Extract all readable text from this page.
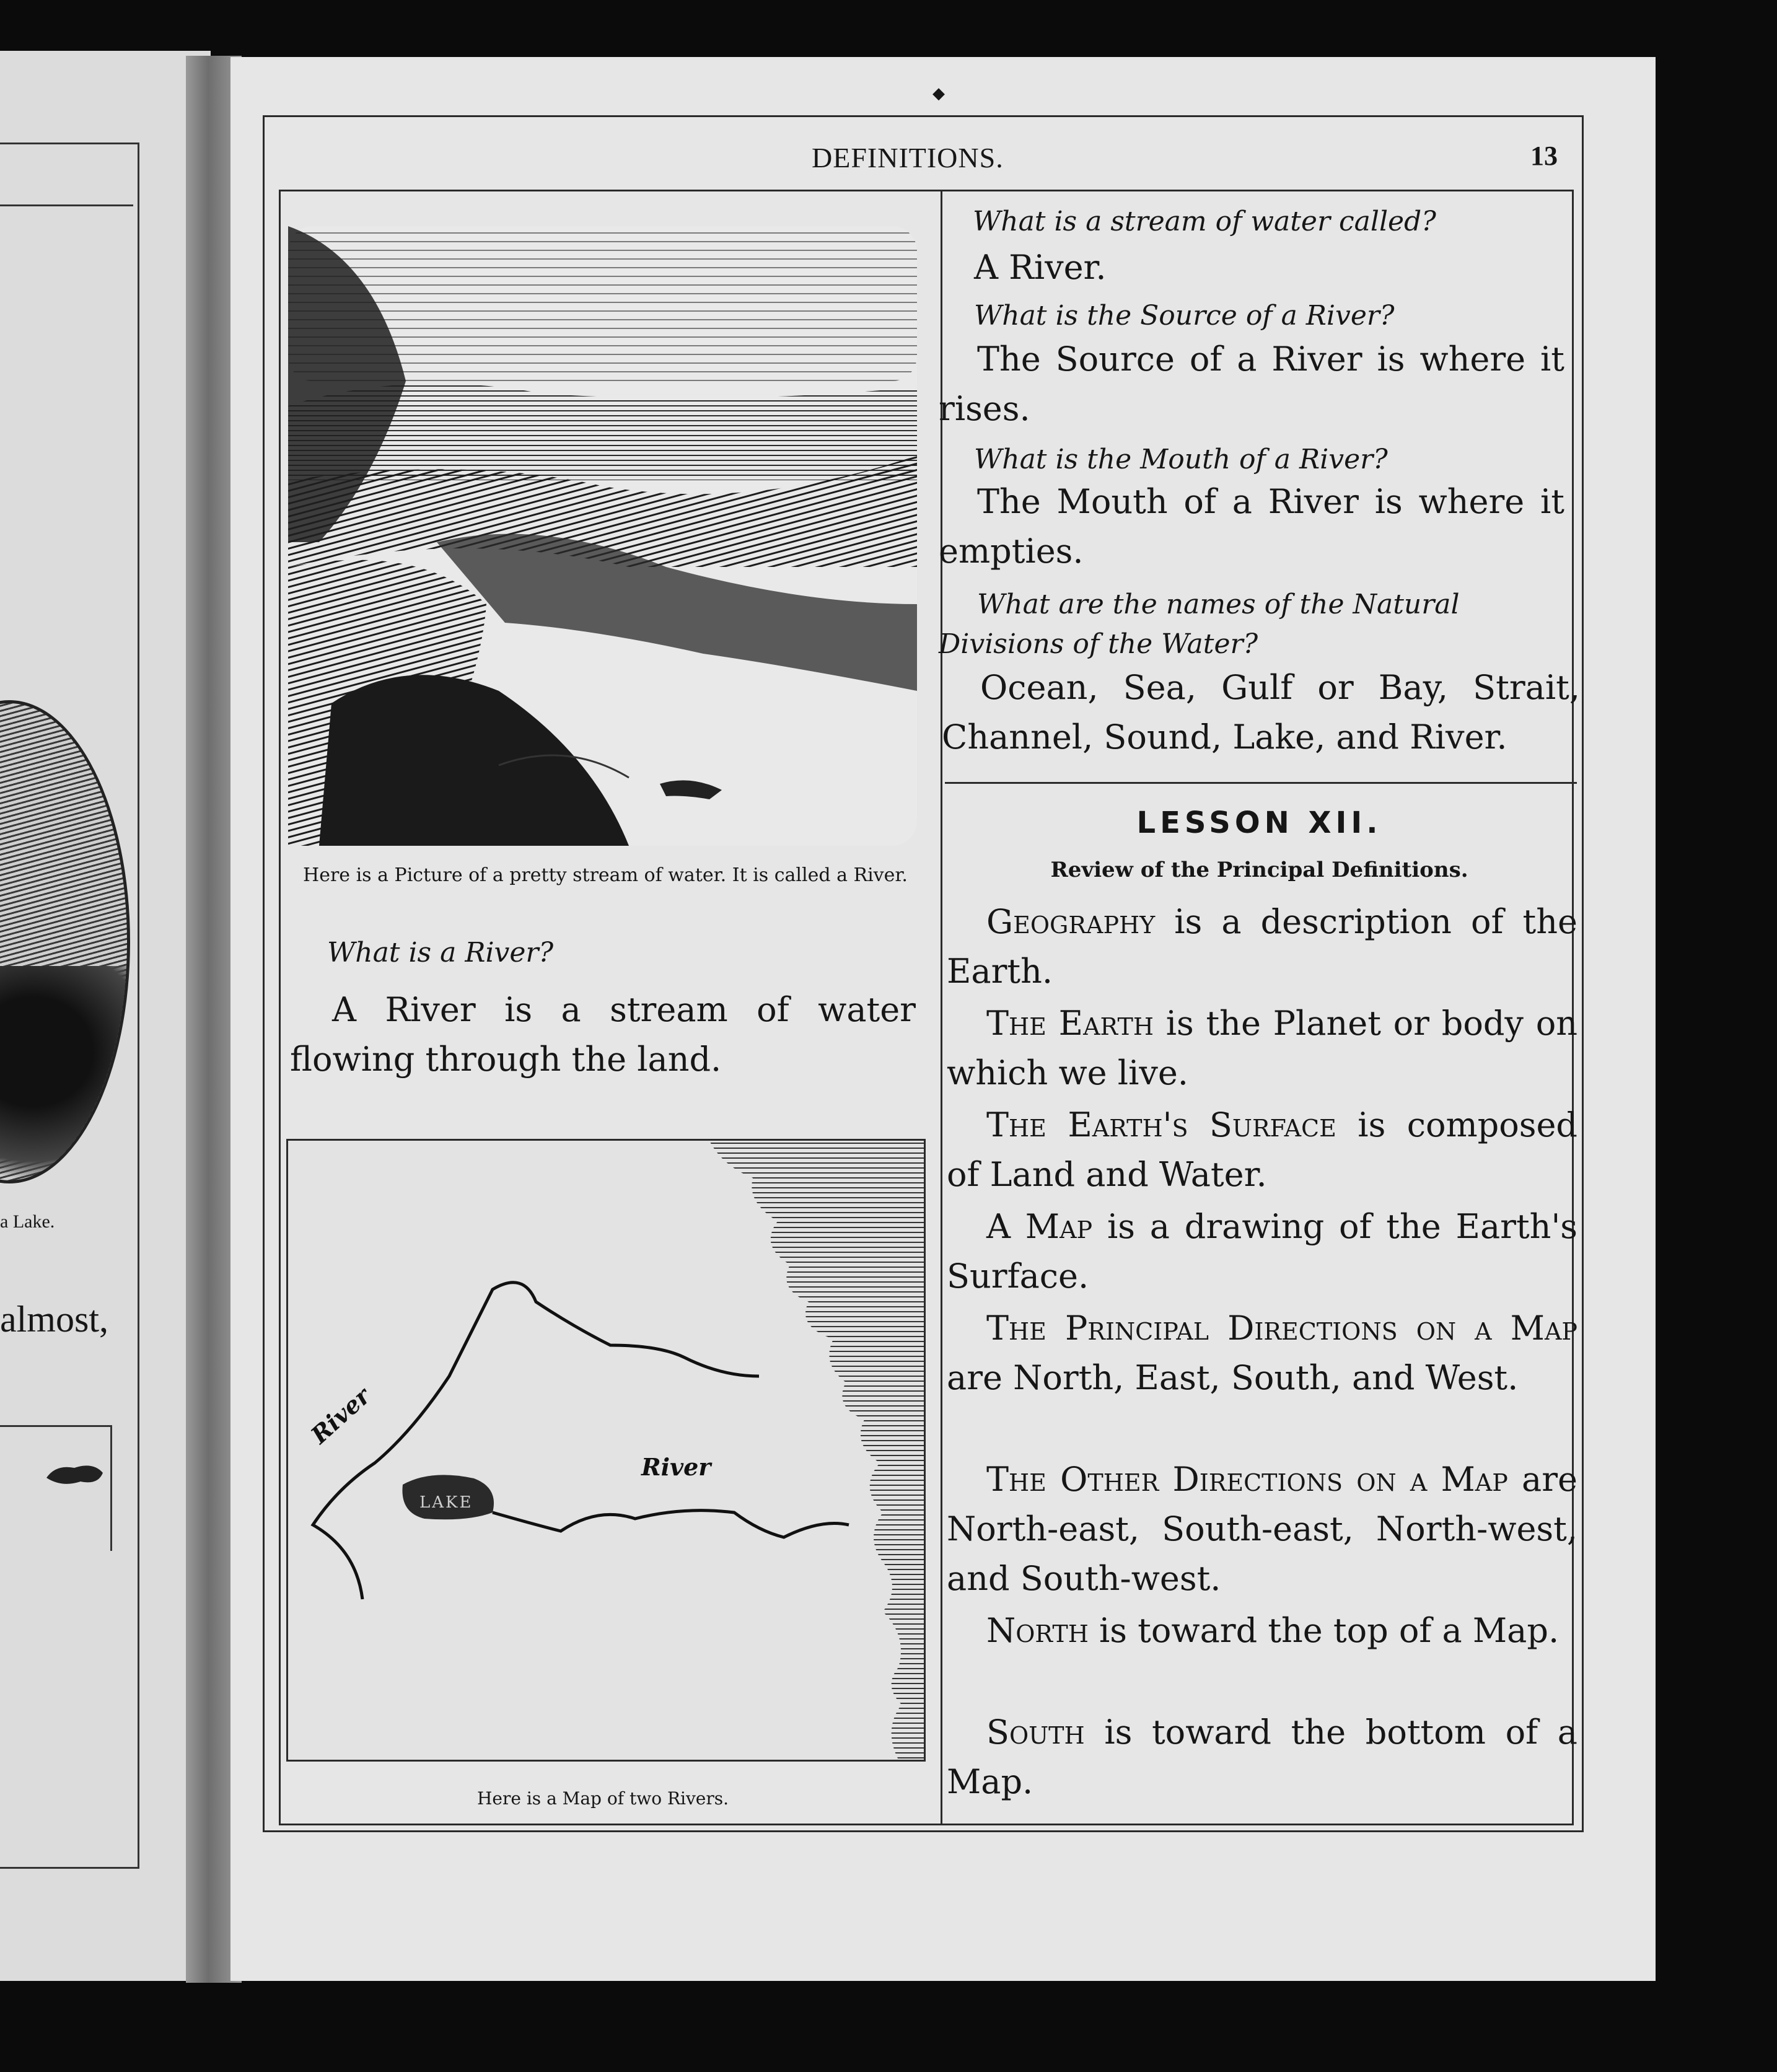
a Lake.
almost,
◆
DEFINITIONS.	13
Here is a Picture of a pretty stream of water. It is called a River.
What is a River?
A River is a stream of water flowing through the land.
LAKE
River
River
Here is a Map of two Rivers.
What is a stream of water called?
A River.
What is the Source of a River?
The Source of a River is where it rises.
What is the Mouth of a River?
The Mouth of a River is where it empties.
What are the names of the Natural Divisions of the Water?
Ocean, Sea, Gulf or Bay, Strait, Channel, Sound, Lake, and River.
LESSON XII.
Review of the Principal Definitions.
Geography is a description of the Earth.
The Earth is the Planet or body on which we live.
The Earth's Surface is composed of Land and Water.
A Map is a drawing of the Earth's Surface.
The Principal Directions on a Map are North, East, South, and West.
The Other Directions on a Map are North-east, South-east, North-west, and South-west.
North is toward the top of a Map.
South is toward the bottom of a Map.
